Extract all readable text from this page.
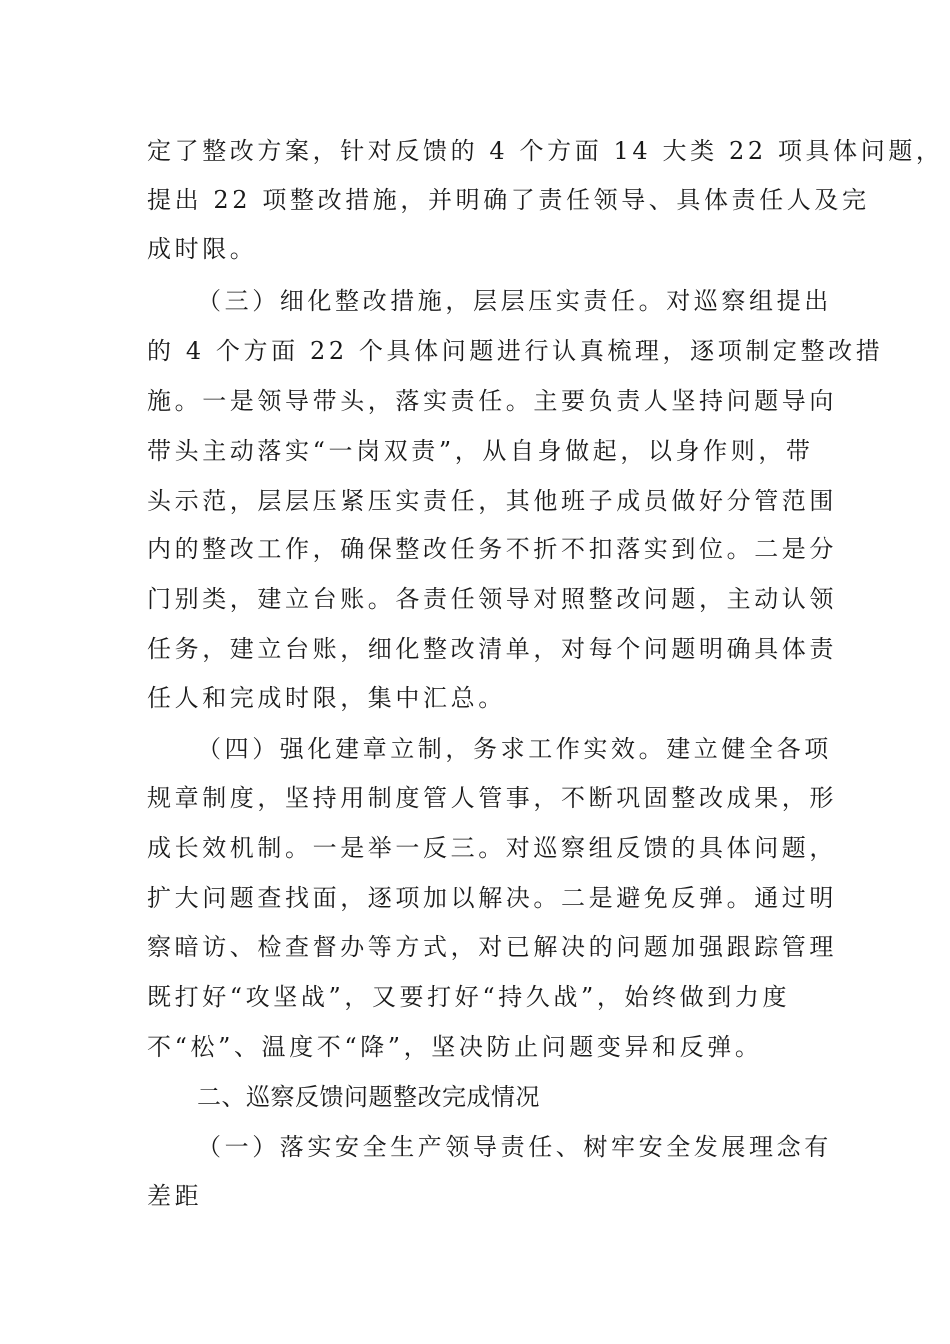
定了整改方案，针对反馈的 4 个方面 14 大类 22 项具体问题，
提出 22 项整改措施，并明确了责任领导、具体责任人及完
成时限。
（三）细化整改措施，层层压实责任。对巡察组提出
的 4 个方面 22 个具体问题进行认真梳理，逐项制定整改措
施。一是领导带头，落实责任。主要负责人坚持问题导向
带头主动落实“一岗双责”，从自身做起，以身作则，带
头示范，层层压紧压实责任，其他班子成员做好分管范围
内的整改工作，确保整改任务不折不扣落实到位。二是分
门别类，建立台账。各责任领导对照整改问题，主动认领
任务，建立台账，细化整改清单，对每个问题明确具体责
任人和完成时限，集中汇总。
（四）强化建章立制，务求工作实效。建立健全各项
规章制度，坚持用制度管人管事，不断巩固整改成果，形
成长效机制。一是举一反三。对巡察组反馈的具体问题，
扩大问题查找面，逐项加以解决。二是避免反弹。通过明
察暗访、检查督办等方式，对已解决的问题加强跟踪管理
既打好“攻坚战”，又要打好“持久战”，始终做到力度
不“松”、温度不“降”，坚决防止问题变异和反弹。
二、巡察反馈问题整改完成情况
（一）落实安全生产领导责任、树牢安全发展理念有
差距
